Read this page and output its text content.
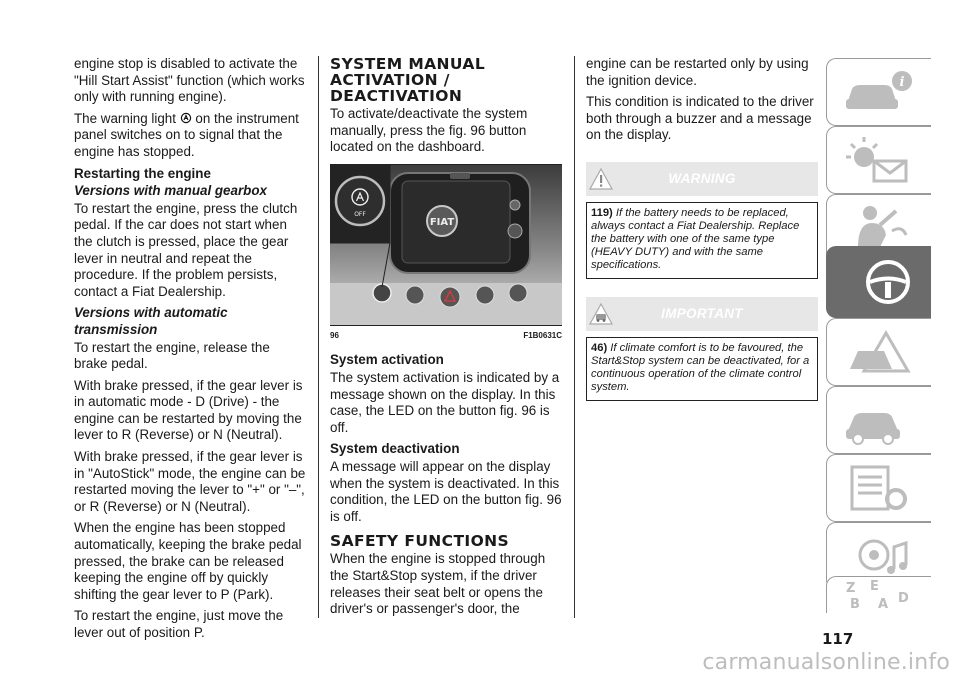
engine stop is disabled to activate the "Hill Start Assist" function (which works only with running engine).

The warning light  on the instrument panel switches on to signal that the engine has stopped.

Restarting the engine
Versions with manual gearbox

To restart the engine, press the clutch pedal. If the car does not start when the clutch is pressed, place the gear lever in neutral and repeat the procedure. If the problem persists, contact a Fiat Dealership.

Versions with automatic transmission

To restart the engine, release the brake pedal.

With brake pressed, if the gear lever is in automatic mode - D (Drive) - the engine can be restarted by moving the lever to R (Reverse) or N (Neutral).

With brake pressed, if the gear lever is in "AutoStick" mode, the engine can be restarted moving the lever to "+" or "–", or R (Reverse) or N (Neutral).

When the engine has been stopped automatically, keeping the brake pedal pressed, the brake can be released keeping the engine off by quickly shifting the gear lever to P (Park).

To restart the engine, just move the lever out of position P.

SYSTEM MANUAL ACTIVATION / DEACTIVATION

To activate/deactivate the system manually, press the fig. 96 button located on the dashboard.

FIAT
OFF
96	F1B0631C
System activation

The system activation is indicated by a message shown on the display. In this case, the LED on the button fig. 96 is off.

System deactivation

A message will appear on the display when the system is deactivated. In this condition, the LED on the button fig. 96 is off.

SAFETY FUNCTIONS

When the engine is stopped through the Start&Stop system, if the driver releases their seat belt or opens the driver's or passenger's door, the

engine can be restarted only by using the ignition device.

This condition is indicated to the driver both through a buzzer and a message on the display.

WARNING
119) If the battery needs to be replaced, always contact a Fiat Dealership. Replace the battery with one of the same type (HEAVY DUTY) and with the same specifications.
IMPORTANT
46) If climate comfort is to be favoured, the Start&Stop system can be deactivated, for a continuous operation of the climate control system.
i
Z E
B A D
117
carmanualsonline.info
